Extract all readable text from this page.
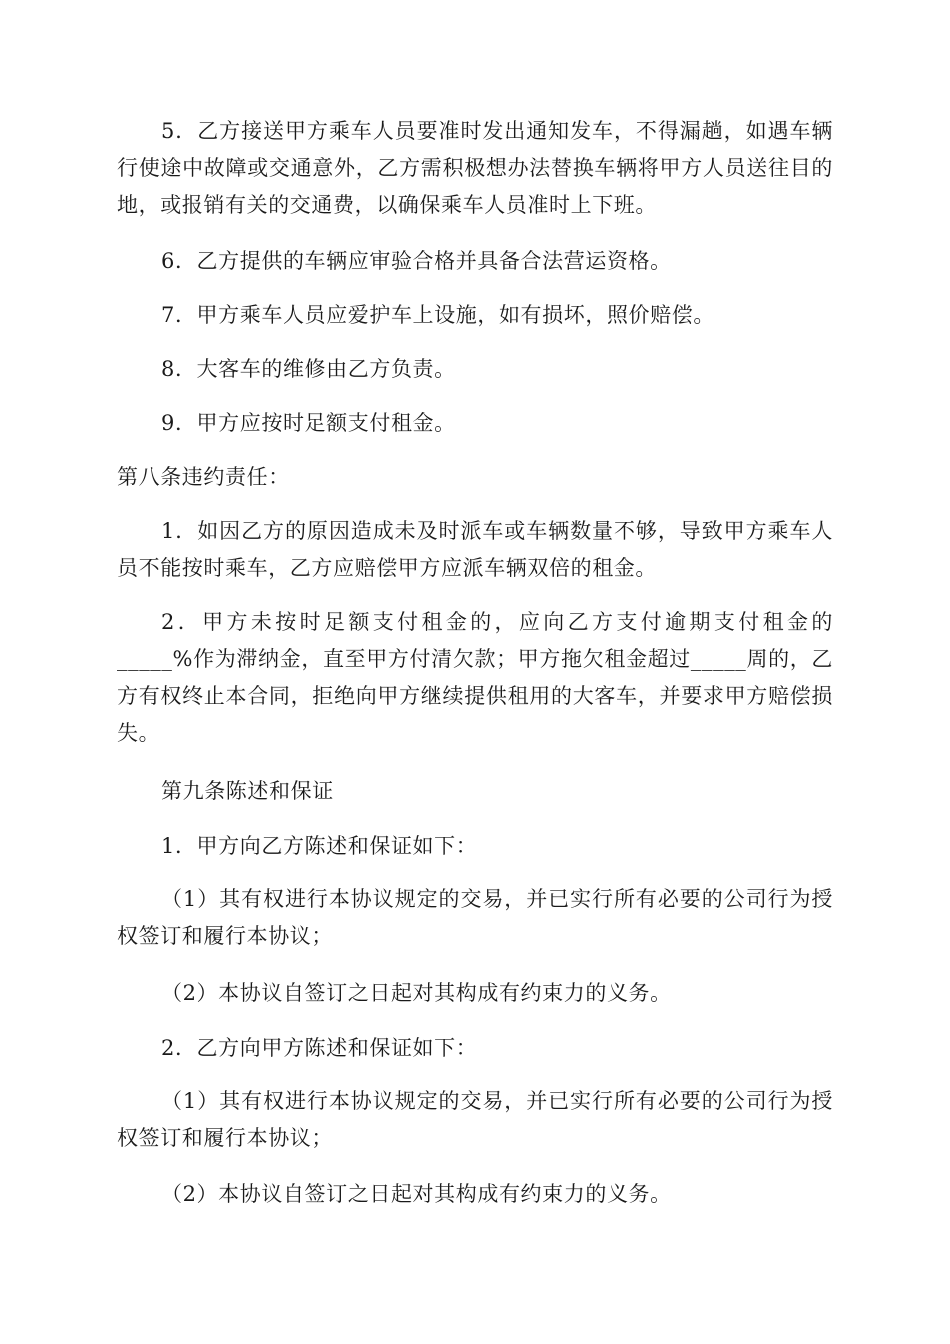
5．乙方接送甲方乘车人员要准时发出通知发车，不得漏趟，如遇车辆行使途中故障或交通意外，乙方需积极想办法替换车辆将甲方人员送往目的地，或报销有关的交通费，以确保乘车人员准时上下班。

6．乙方提供的车辆应审验合格并具备合法营运资格。

7．甲方乘车人员应爱护车上设施，如有损坏，照价赔偿。

8．大客车的维修由乙方负责。

9．甲方应按时足额支付租金。

第八条违约责任：

1．如因乙方的原因造成未及时派车或车辆数量不够，导致甲方乘车人员不能按时乘车，乙方应赔偿甲方应派车辆双倍的租金。

2．甲方未按时足额支付租金的，应向乙方支付逾期支付租金的_____%作为滞纳金，直至甲方付清欠款；甲方拖欠租金超过_____周的，乙方有权终止本合同，拒绝向甲方继续提供租用的大客车，并要求甲方赔偿损失。

第九条陈述和保证

1．甲方向乙方陈述和保证如下：

（1）其有权进行本协议规定的交易，并已实行所有必要的公司行为授权签订和履行本协议；

（2）本协议自签订之日起对其构成有约束力的义务。

2．乙方向甲方陈述和保证如下：

（1）其有权进行本协议规定的交易，并已实行所有必要的公司行为授权签订和履行本协议；

（2）本协议自签订之日起对其构成有约束力的义务。
